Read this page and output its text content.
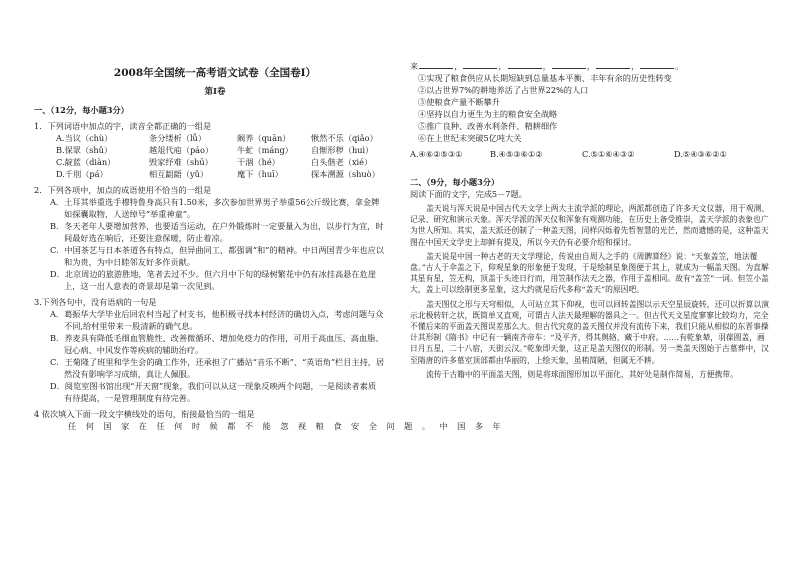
2008年全国统一高考语文试卷（全国卷Ⅰ）
第Ⅰ卷
一、（12分，每小题3分）
1．下列词语中加点的字，读音全都正确的一组是
A.当议（chù）	条分缕析（lǚ）	阚养（quān）	愀然不乐（qiǎo）
B.保眾（shǔ）	越俎代庖（páo）	牛虻（máng）	自惭形秽（huì）
C.靛蓝（diàn）	毁家纾难（shū）	干涸（hé）	白头偕老（xié）
D.千刖（pá）	相互龃龉（yǔ）	麾下（huī）	探本溯源（shuò）
2．下列各项中，加点的成语使用不恰当的一组是
A．土耳其举重选手穆特鲁身高只有1.50米，多次参加世界男子举重56公斤级比赛，拿金牌
如探囊取物，人送绰号“举重神童”。
B．冬天老年人要增加营养，也要适当运动，在户外锻炼时一定要量入为出，以步行为宜，时
间最好选在晌后，还要注意保暖，防止着凉。
C．中国茶艺与日本茶道各有特点，但异曲同工，都强调“和”的精神。中日两国青少年也应以
和为贵，为中日睦邻友好多作贡献。
D．北京周边的旅游胜地，笔者去过不少。但六月中下旬的绿树繁花中仍有冰挂高悬在危崖
上，这一出人意表的奇景却是第一次见到。
3.下列各句中，没有语病的一句是
A．葛振华大学毕业后回农村当起了村支书，他积极寻找本村经济的确切入点，考虑问题与众
不同,给村里带来一股清新的确气息。
B．养麦具有降低毛细血管脆性、改善微循环、增加免疫力的作用，可用于高血压、高血脂、
冠心病、中风发作等疾病的辅助治疗。
C．王菊隆了班里和学生会的确工作外，还承担了广播站“音乐不断”、“英语角”栏目主持，居
然没有影响学习成绩，真让人佩服。
D．阅览室图书馆出现“开天窗”现象，我们可以从这一现象反映两个问题，一是阅读者素质
有待提高，一是管理制度有待完善。
4 依次填入下面一段文字横线处的语句，衔接最恰当的一组是
任何国家在任何时候都不能忽视粮食安全问题。中国多年
来	，	，	，	，	，	。
①实现了粮食供应从长期短缺到总量基本平衡、丰年有余的历史性转变
②以占世界7%的耕地养活了占世界22%的人口
③使粮食产量不断攀升
④坚持以自力更生为主的粮食安全战略
⑤推广良种、改善水利条件、精耕细作
⑥在上世纪末突破5亿吨大关
A.④⑥②⑤③①	B.④⑤③⑥①②	C.⑤①⑥④③②	D.⑤④③⑥②①
二、（9分，每小题3分）
阅读下面的文字，完成5－7题。
盖天说与浑天说是中国古代天文学上两大主流学派的理论，两派都创造了许多天文仪器，用于观测、记录、研究和演示天象。浑天学派的浑天仪和浑象有观测功能，在历史上备受推崇，盖天学派的表象也广为世人所知。其实，盖天派还创制了一种盖天图，同样闪烁着先哲智慧的光芒，然而遗憾的是，这种盖天图在中国天文学史上却鲜有提及，所以今天仍有必要介绍和探讨。
盖天说是中国一种古老的天文学理论，传说由自周人之手的《周髀算经》说：“天象盖笠，地法覆盘。”古人于伞盖之下，仰观星象的形象便于发现，于是绘制星象图便于其上，就成为一幅盖天图。为直解其星有星，笠无构，顶盖于头迹日行而，用笠制作法天之器，作用于盖相同。故有“盖笠”一词。但笠小盖大，盖上可以绘制更多星象，这大约就是后代多称“盖天”的原因吧。
盖天图仅之形与天穹相似，人可站立其下仰视，也可以回转盖图以示天空星辰旋转，还可以折算以演示北极转轩之状，既简单又直观，可谓古人法天最理解的器具之一。但古代天文星度寥寥比较均力，完全不懂后来的平面盖天图误差那么大。但古代究竟的盖天图仅并没有流传下来，我们只能从相似的东晋事操计其形制《隋书》中记有一辆南齐帝车：“及平齐，得其舆辂，藏于中府。……有乾象辇，羽葆圆盖，画日月五星，二十八宿，天街云汉。”乾象即天象，这正是盖天图仅的形制。另一类盖天图始于古墓葬中，汉至隋唐的许多墓室顶部都由华丽的，上绘天象，虽稍简陋，但属无不耕。
流传于古籍中的平面盖天图，则是将球面图形加以平面化，其好处是制作简易，方便携带。
